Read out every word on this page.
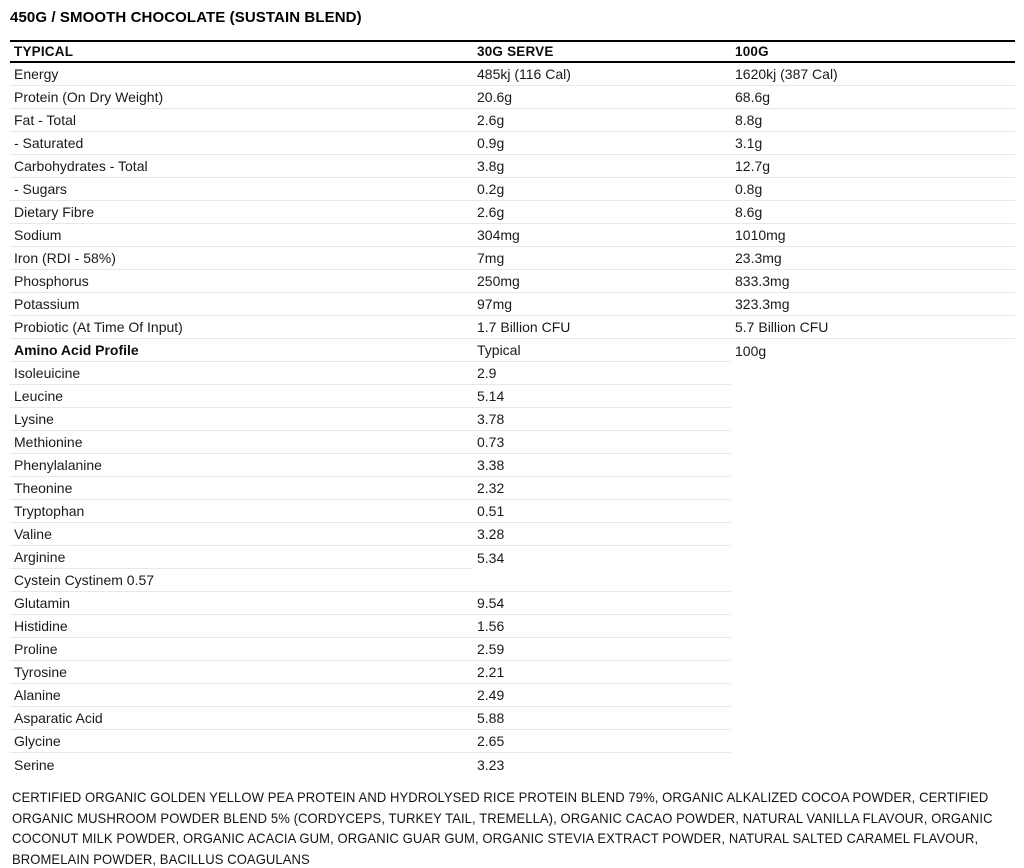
450G / SMOOTH CHOCOLATE (SUSTAIN BLEND)
TYPICAL	30G SERVE	100G
Energy	485kj (116 Cal)	1620kj (387 Cal)
Protein (On Dry Weight)	20.6g	68.6g
Fat - Total	2.6g	8.8g
- Saturated	0.9g	3.1g
Carbohydrates - Total	3.8g	12.7g
- Sugars	0.2g	0.8g
Dietary Fibre	2.6g	8.6g
Sodium	304mg	1010mg
Iron (RDI - 58%)	7mg	23.3mg
Phosphorus	250mg	833.3mg
Potassium	97mg	323.3mg
Probiotic (At Time Of Input)	1.7 Billion CFU	5.7 Billion CFU
Amino Acid Profile	Typical	100g
Isoleuicine	2.9	
Leucine	5.14	
Lysine	3.78	
Methionine	0.73	
Phenylalanine	3.38	
Theonine	2.32	
Tryptophan	0.51	
Valine	3.28	
Arginine	5.34	
Cystein Cystinem 0.57		
Glutamin	9.54	
Histidine	1.56	
Proline	2.59	
Tyrosine	2.21	
Alanine	2.49	
Asparatic Acid	5.88	
Glycine	2.65	
Serine	3.23	

CERTIFIED ORGANIC GOLDEN YELLOW PEA PROTEIN AND HYDROLYSED RICE PROTEIN BLEND 79%, ORGANIC ALKALIZED COCOA POWDER, CERTIFIED ORGANIC MUSHROOM POWDER BLEND 5% (CORDYCEPS, TURKEY TAIL, TREMELLA), ORGANIC CACAO POWDER, NATURAL VANILLA FLAVOUR, ORGANIC COCONUT MILK POWDER, ORGANIC ACACIA GUM, ORGANIC GUAR GUM, ORGANIC STEVIA EXTRACT POWDER, NATURAL SALTED CARAMEL FLAVOUR, BROMELAIN POWDER, BACILLUS COAGULANS
